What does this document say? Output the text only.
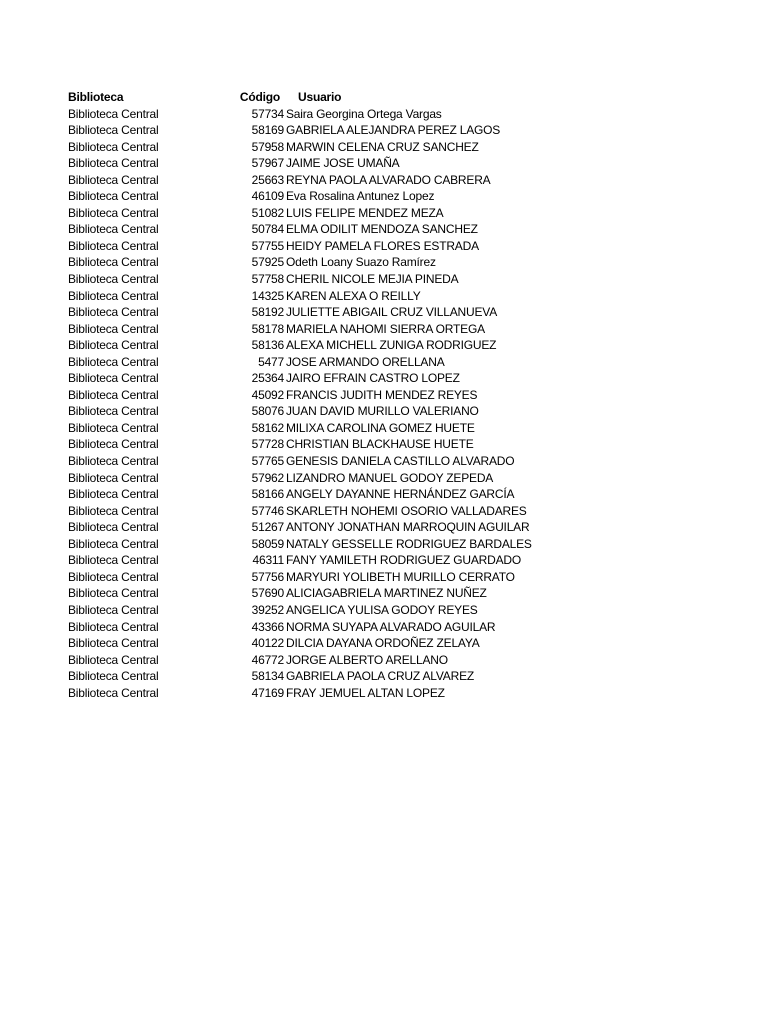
Biblioteca	Código	Usuario
Biblioteca Central	57734 Saira Georgina Ortega Vargas
Biblioteca Central	58169 GABRIELA ALEJANDRA PEREZ LAGOS
Biblioteca Central	57958 MARWIN CELENA CRUZ SANCHEZ
Biblioteca Central	57967 JAIME JOSE UMAÑA
Biblioteca Central	25663 REYNA PAOLA ALVARADO CABRERA
Biblioteca Central	46109 Eva Rosalina Antunez Lopez
Biblioteca Central	51082 LUIS FELIPE MENDEZ MEZA
Biblioteca Central	50784 ELMA ODILIT MENDOZA SANCHEZ
Biblioteca Central	57755 HEIDY PAMELA FLORES ESTRADA
Biblioteca Central	57925 Odeth Loany Suazo Ramírez
Biblioteca Central	57758 CHERIL NICOLE MEJIA PINEDA
Biblioteca Central	14325 KAREN ALEXA O REILLY
Biblioteca Central	58192 JULIETTE ABIGAIL CRUZ VILLANUEVA
Biblioteca Central	58178 MARIELA NAHOMI SIERRA ORTEGA
Biblioteca Central	58136 ALEXA MICHELL ZUNIGA RODRIGUEZ
Biblioteca Central	5477 JOSE ARMANDO ORELLANA
Biblioteca Central	25364 JAIRO EFRAIN CASTRO LOPEZ
Biblioteca Central	45092 FRANCIS JUDITH MENDEZ REYES
Biblioteca Central	58076 JUAN DAVID MURILLO VALERIANO
Biblioteca Central	58162 MILIXA CAROLINA GOMEZ HUETE
Biblioteca Central	57728 CHRISTIAN BLACKHAUSE HUETE
Biblioteca Central	57765 GENESIS DANIELA CASTILLO ALVARADO
Biblioteca Central	57962 LIZANDRO MANUEL GODOY ZEPEDA
Biblioteca Central	58166 ANGELY DAYANNE HERNÁNDEZ GARCÍA
Biblioteca Central	57746 SKARLETH NOHEMI OSORIO VALLADARES
Biblioteca Central	51267 ANTONY JONATHAN MARROQUIN AGUILAR
Biblioteca Central	58059 NATALY GESSELLE RODRIGUEZ BARDALES
Biblioteca Central	46311 FANY YAMILETH RODRIGUEZ GUARDADO
Biblioteca Central	57756 MARYURI YOLIBETH MURILLO CERRATO
Biblioteca Central	57690 ALICIAGABRIELA MARTINEZ NUÑEZ
Biblioteca Central	39252 ANGELICA YULISA GODOY REYES
Biblioteca Central	43366 NORMA SUYAPA ALVARADO AGUILAR
Biblioteca Central	40122 DILCIA DAYANA ORDOÑEZ ZELAYA
Biblioteca Central	46772 JORGE ALBERTO ARELLANO
Biblioteca Central	58134 GABRIELA PAOLA CRUZ ALVAREZ
Biblioteca Central	47169 FRAY JEMUEL ALTAN LOPEZ
